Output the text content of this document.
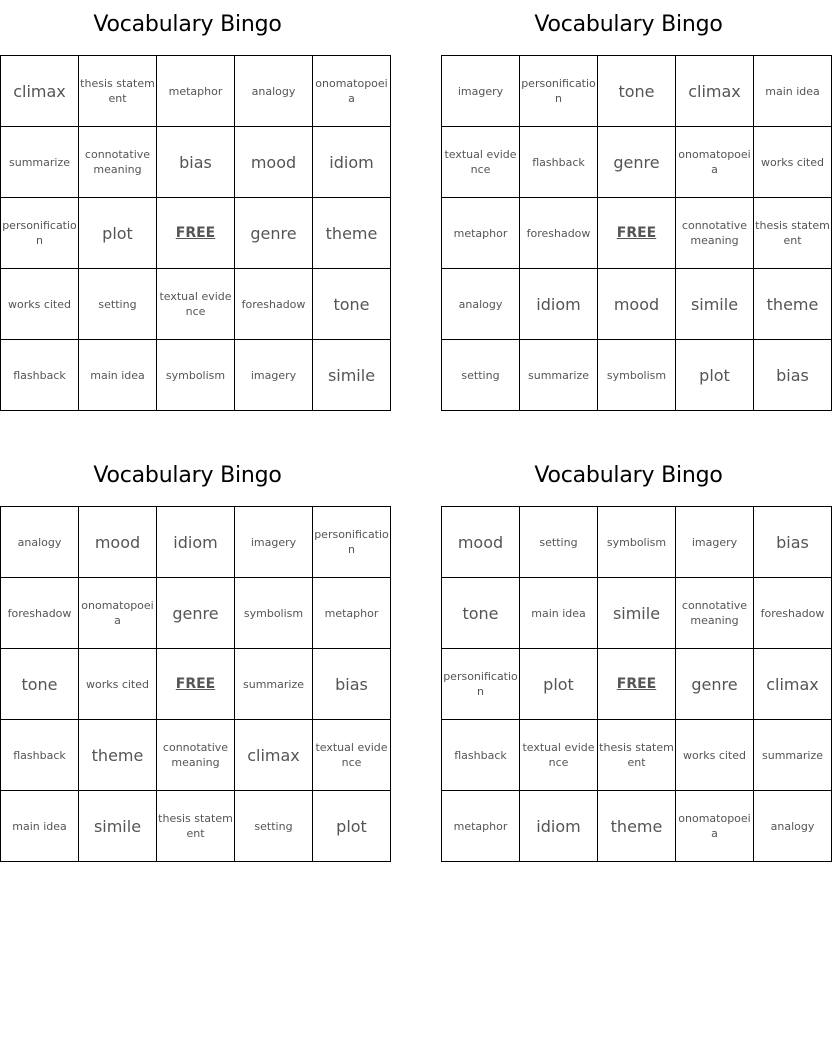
Vocabulary Bingo
climax	thesis statement	metaphor	analogy	onomatopoeia
summarize	connotative meaning	bias	mood	idiom
personification	plot	FREE	genre	theme
works cited	setting	textual evidence	foreshadow	tone
flashback	main idea	symbolism	imagery	simile
Vocabulary Bingo
imagery	personification	tone	climax	main idea
textual evidence	flashback	genre	onomatopoeia	works cited
metaphor	foreshadow	FREE	connotative meaning	thesis statement
analogy	idiom	mood	simile	theme
setting	summarize	symbolism	plot	bias
Vocabulary Bingo
analogy	mood	idiom	imagery	personification
foreshadow	onomatopoeia	genre	symbolism	metaphor
tone	works cited	FREE	summarize	bias
flashback	theme	connotative meaning	climax	textual evidence
main idea	simile	thesis statement	setting	plot
Vocabulary Bingo
mood	setting	symbolism	imagery	bias
tone	main idea	simile	connotative meaning	foreshadow
personification	plot	FREE	genre	climax
flashback	textual evidence	thesis statement	works cited	summarize
metaphor	idiom	theme	onomatopoeia	analogy
